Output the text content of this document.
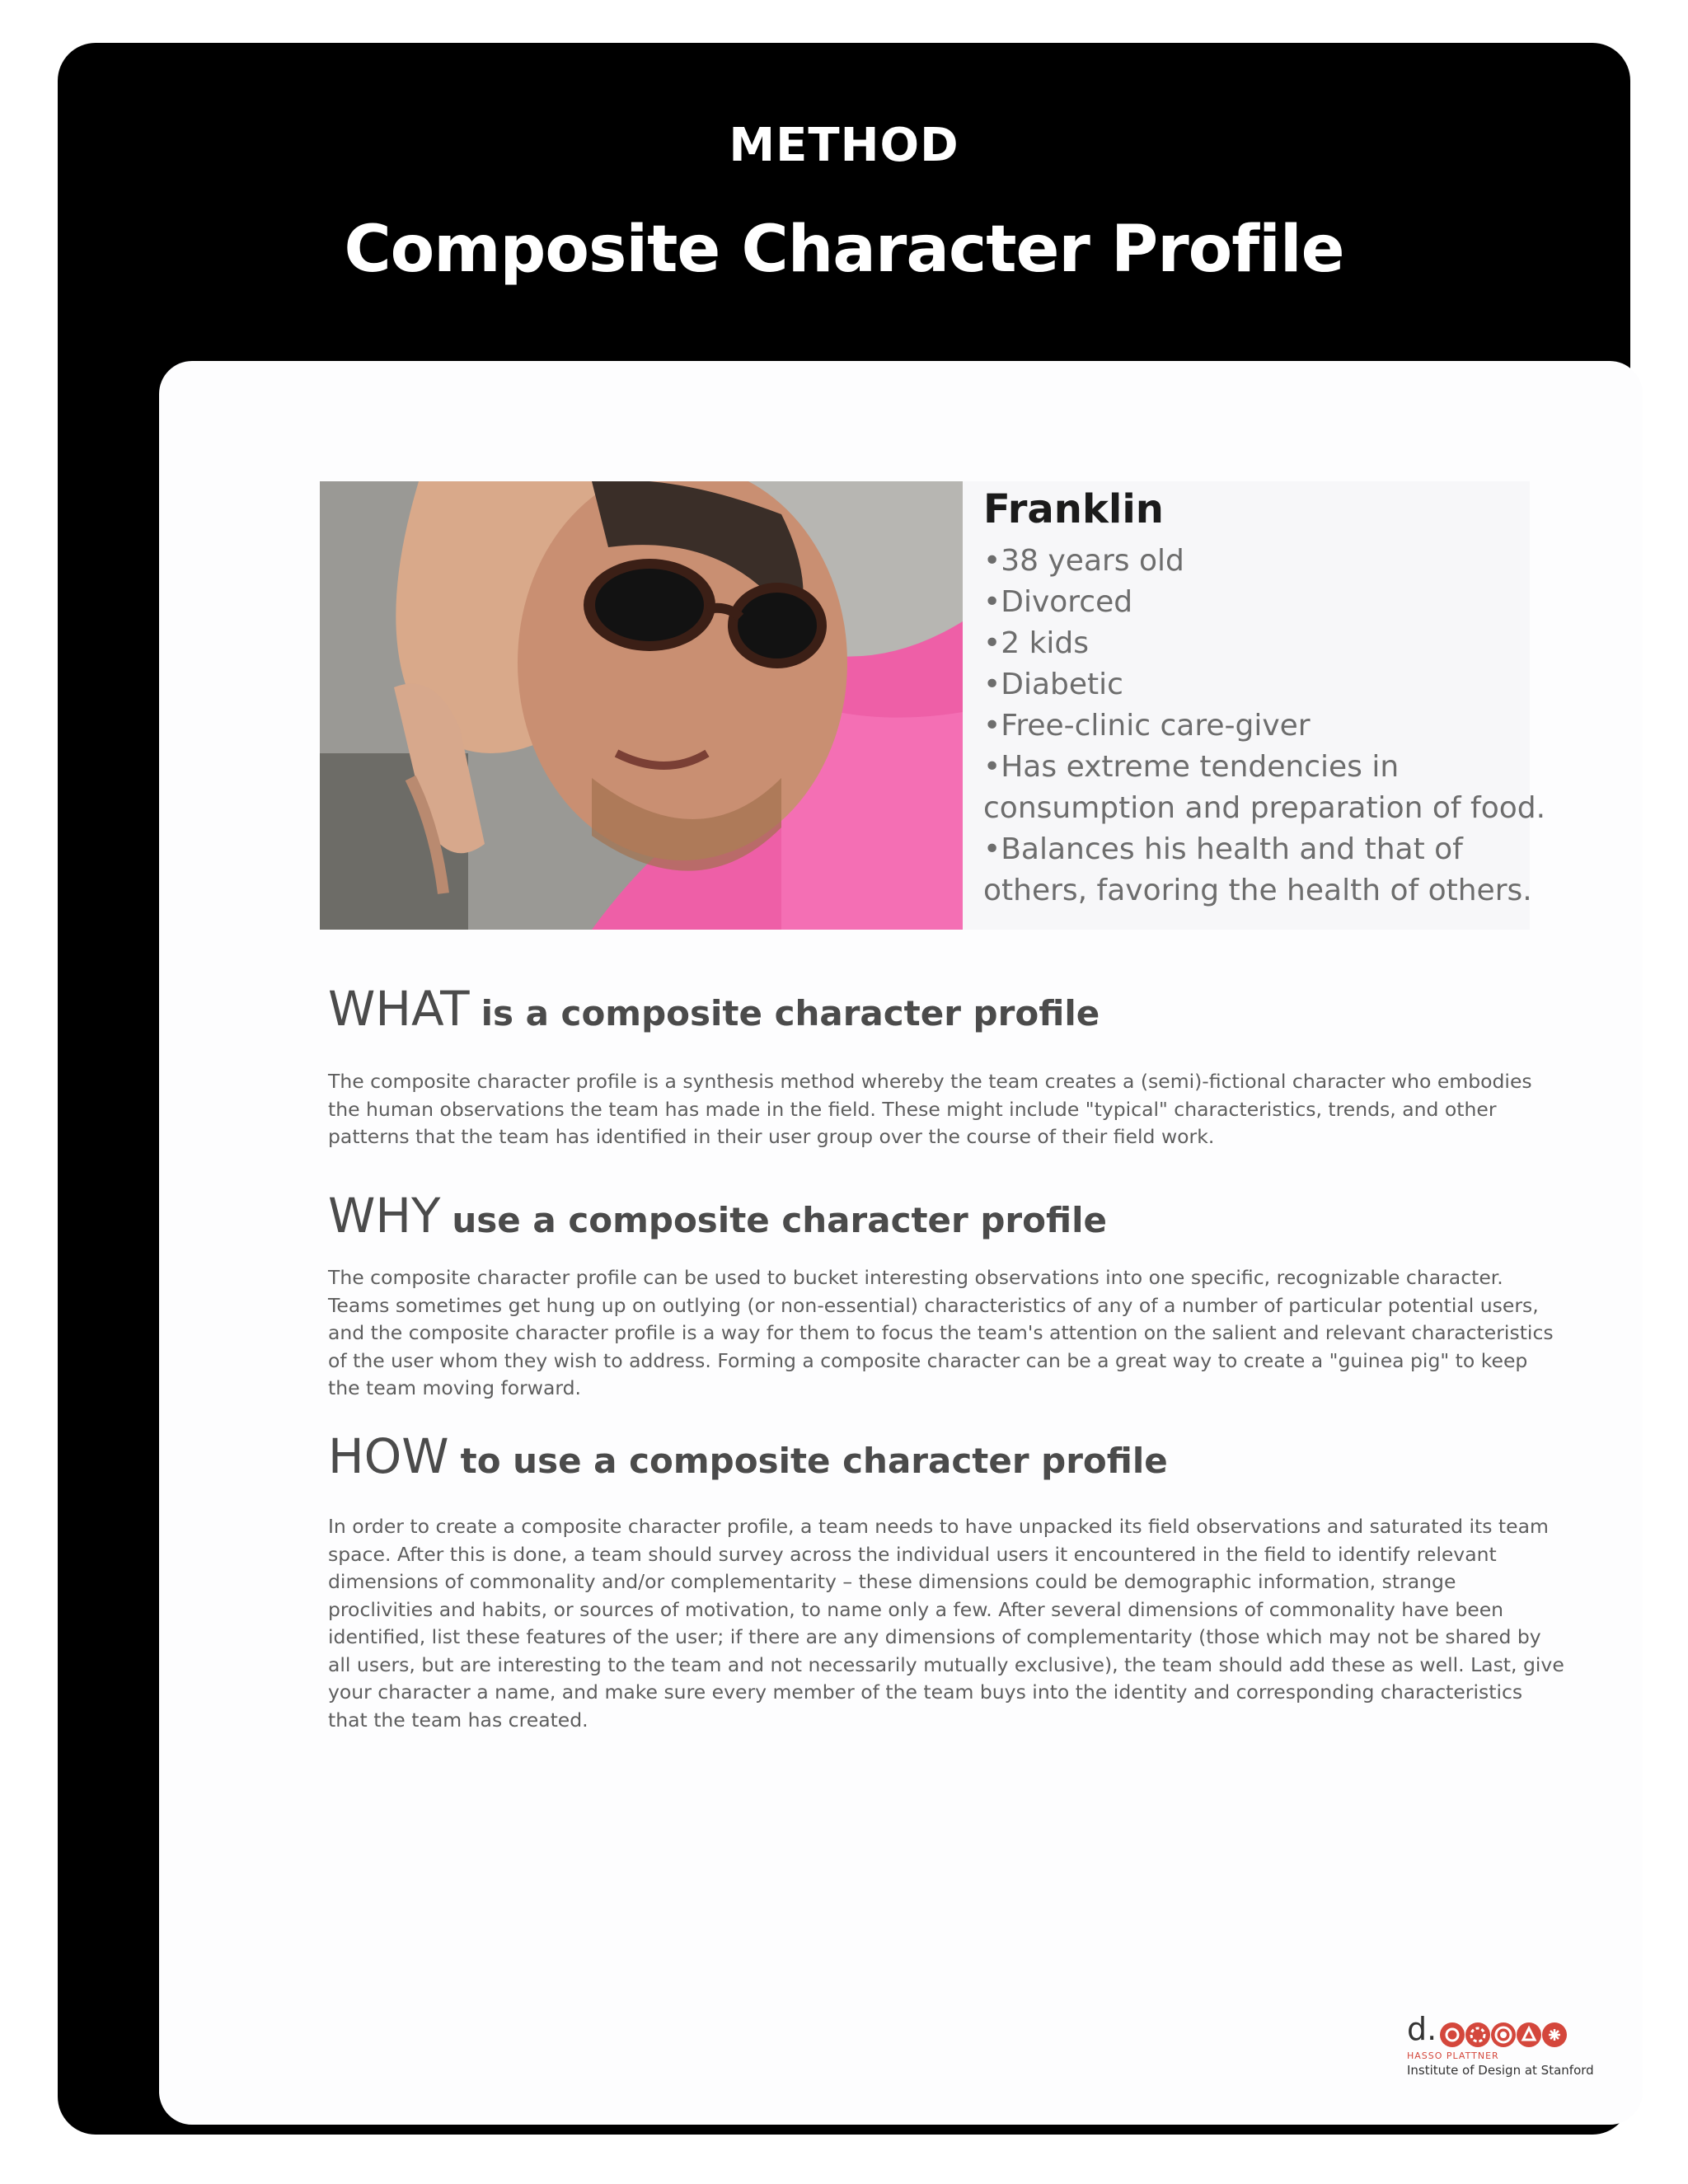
METHOD
Composite Character Profile
Franklin
•38 years old
•Divorced
•2 kids
•Diabetic
•Free-clinic care-giver
•Has extreme tendencies in
consumption and preparation of food.
•Balances his health and that of
others, favoring the health of others.
WHAT is a composite character profile

The composite character profile is a synthesis method whereby the team creates a (semi)-fictional character who embodies the human observations the team has made in the field. These might include "typical" characteristics, trends, and other patterns that the team has identified in their user group over the course of their field work.

WHY use a composite character profile

The composite character profile can be used to bucket interesting observations into one specific, recognizable character. Teams sometimes get hung up on outlying (or non-essential) characteristics of any of a number of particular potential users, and the composite character profile is a way for them to focus the team's attention on the salient and relevant characteristics of the user whom they wish to address. Forming a composite character can be a great way to create a "guinea pig" to keep the team moving forward.

HOW to use a composite character profile

In order to create a composite character profile, a team needs to have unpacked its field observations and saturated its team space. After this is done, a team should survey across the individual users it encountered in the field to identify relevant dimensions of commonality and/or complementarity – these dimensions could be demographic information, strange proclivities and habits, or sources of motivation, to name only a few. After several dimensions of commonality have been identified, list these features of the user; if there are any dimensions of complementarity (those which may not be shared by all users, but are interesting to the team and not necessarily mutually exclusive), the team should add these as well. Last, give your character a name, and make sure every member of the team buys into the identity and corresponding characteristics that the team has created.

d.
HASSO PLATTNER
Institute of Design at Stanford
